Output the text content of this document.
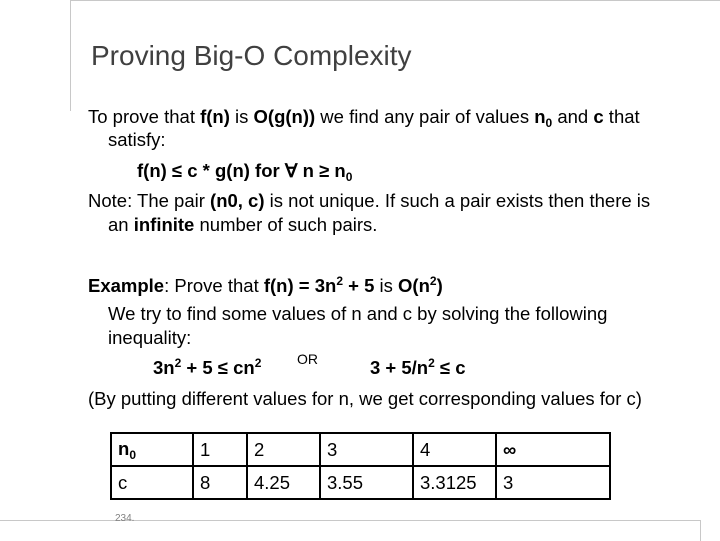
Proving Big-O Complexity
To prove that f(n) is O(g(n)) we find any pair of values $n_0$ and c that
satisfy:
f(n) ≤ c * g(n) for ∀ $n \ge n_0$
Note: The pair (n0, c) is not unique. If such a pair exists then there is
an infinite number of such pairs.
Example: Prove that $f(n) = 3n^2 + 5$ is $O(n^2)$
We try to find some values of n and c by solving the following
inequality:
$3n^2 + 5 \le cn^2$	OR	$3 + 5/n^2 \le c$
(By putting different values for n, we get corresponding values for c)
$n_0$	1	2	3	4	∞
c	8	4.25	3.55	3.3125	3
234.
